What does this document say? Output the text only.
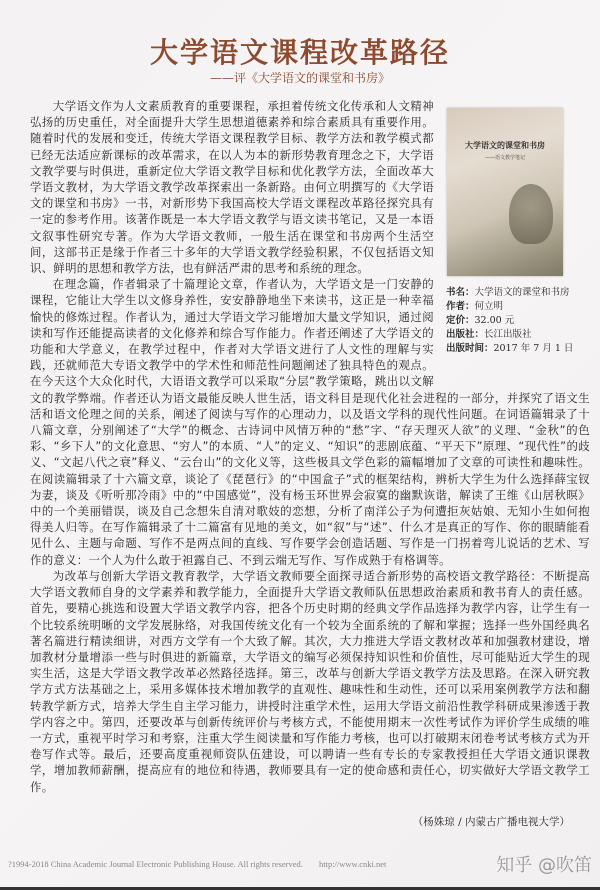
大学语文课程改革路径
——评《大学语文的课堂和书房》
大学语文的课堂和书房
——语文教学笔记
书名：大学语文的课堂和书房
作者：何立明
定价：32.00 元
出版社：长江出版社
出版时间：2017 年 7 月 1 日

大学语文作为人文素质教育的重要课程，承担着传统文化传承和人文精神弘扬的历史重任，对全面提升大学生思想道德素养和综合素质具有重要作用。随着时代的发展和变迁，传统大学语文课程教学目标、教学方法和教学模式都已经无法适应新课标的改革需求，在以人为本的新形势教育理念之下，大学语文教学要与时俱进，重新定位大学语文教学目标和优化教学方法，全面改革大学语文教材，为大学语文教学改革探索出一条新路。由何立明撰写的《大学语文的课堂和书房》一书，对新形势下我国高校大学语文课程改革路径探究具有一定的参考作用。该著作既是一本大学语文教学与语文读书笔记，又是一本语文叙事性研究专著。作为大学语文教师，一般生活在课堂和书房两个生活空间，这部书正是缘于作者三十多年的大学语文教学经验积累，不仅包括语文知识、鲜明的思想和教学方法，也有鲜活严肃的思考和系统的理念。

在理念篇，作者辑录了十篇理论文章，作者认为，大学语文是一门安静的课程，它能让大学生以文修身养性，安安静静地坐下来读书，这正是一种幸福愉快的修炼过程。作者认为，通过大学语文学习能增加大量文学知识，通过阅读和写作还能提高读者的文化修养和综合写作能力。作者还阐述了大学语文的功能和大学意义，在教学过程中，作者对大学语文进行了人文性的理解与实践，还就师范大专语文教学中的学术性和师范性问题阐述了独具特色的观点。在今天这个大众化时代，大语语文教学可以采取“分层”教学策略，跳出以文解文的教学弊端。作者还认为语文最能反映人世生活，语文科目是现代化社会进程的一部分，并探究了语文生活和语文伦理之间的关系，阐述了阅读与写作的心理动力，以及语文学科的现代性问题。在词语篇辑录了十八篇文章，分别阐述了“大学”的概念、古诗词中风情万种的“愁”字、“存天理灭人欲”的义理、“金秋”的色彩、“乡下人”的文化意思、“穷人”的本质、“人”的定义、“知识”的悲剧底蕴、“平天下”原理、“现代性”的歧义、“文起八代之衰”释义、“云台山”的文化义等，这些极具文学色彩的篇幅增加了文章的可读性和趣味性。在阅读篇辑录了十六篇文章，谈论了《琵琶行》的“中国盒子”式的框架结构，辨析大学生为什么选择薛宝钗为妻，谈及《听听那冷雨》中的“中国感觉”，没有杨玉环世界会寂寞的幽默诙谐，解读了王维《山居秋暝》中的一个美丽错误，谈及自己念想朱自清对歌妓的恋想，分析了南洋公子为何遭拒灰姑娘、无知小生如何抱得美人归等。在写作篇辑录了十二篇富有见地的美文，如“叙”与“述”、什么才是真正的写作、你的眼睛能看见什么、主题与命题、写作不是两点间的直线、写作要学会创造话题、写作是一门拐着弯儿说话的艺术、写作的意义：一个人为什么敢于袒露自己、不到云端无写作、写作成熟于有格调等。

为改革与创新大学语文教育教学，大学语文教师要全面探寻适合新形势的高校语文教学路径：不断提高大学语文教师自身的文学素养和教学能力，全面提升大学语文教师队伍思想政治素质和教书育人的责任感。首先，要精心挑选和设置大学语文教学内容，把各个历史时期的经典文学作品选择为教学内容，让学生有一个比较系统明晰的文学发展脉络，对我国传统文化有一个较为全面系统的了解和掌握；选择一些外国经典名著名篇进行精读细讲，对西方文学有一个大致了解。其次，大力推进大学语文教材改革和加强教材建设，增加教材分量增添一些与时俱进的新篇章，大学语文的编写必须保持知识性和价值性，尽可能贴近大学生的现实生活，这是大学语文教学改革必然路径选择。第三，改革与创新大学语文教学方法及思路。在深入研究教学方式方法基础之上，采用多媒体技术增加教学的直观性、趣味性和生动性，还可以采用案例教学方法和翻转教学新方式，培养大学生自主学习能力，讲授时注重学术性，运用大学语文前沿性教学科研成果渗透于教学内容之中。第四，还要改革与创新传统评价与考核方式，不能使用期末一次性考试作为评价学生成绩的唯一方式，重视平时学习和考察，注重大学生阅读量和写作能力考核，也可以打破期末闭卷考试考核方式为开卷写作式等。最后，还要高度重视师资队伍建设，可以聘请一些有专长的专家教授担任大学语文通识课教学，增加教师薪酬，提高应有的地位和待遇，教师要具有一定的使命感和责任心，切实做好大学语文教学工作。

（杨姝琼 / 内蒙古广播电视大学）
?1994-2018 China Academic Journal Electronic Publishing House. All rights reserved. http://www.cnki.net	知乎 @吹笛
